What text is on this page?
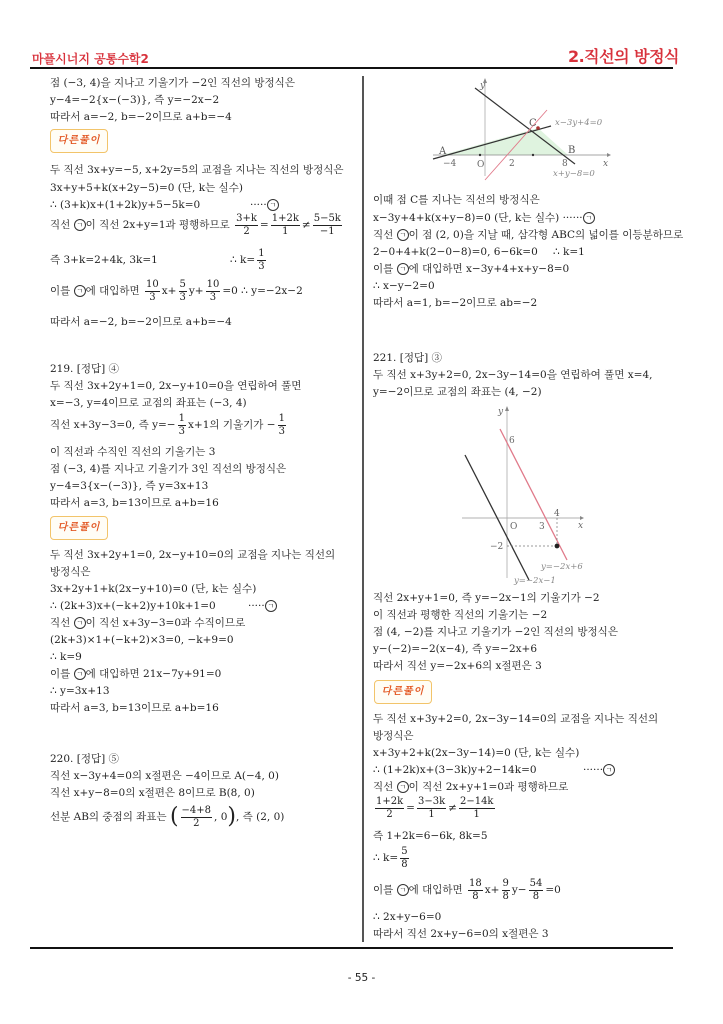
마플시너지 공통수학2	2.직선의 방정식
점 (−3, 4)을 지나고 기울기가 −2인 직선의 방정식은
y−4=−2{x−(−3)}, 즉 y=−2x−2
따라서 a=−2, b=−2이므로 a+b=−4
다른풀이
두 직선 3x+y=−5, x+2y=5의 교점을 지나는 직선의 방정식은
3x+y+5+k(x+2y−5)=0 (단, k는 실수)
∴ (3+k)x+(1+2k)y+5−5k=0	····· ㄱ
직선 ㄱ 이 직선 2x+y=1과 평행하므로 $\frac{3+k}{2} = \frac{1+2k}{1} \ne \frac{5-5k}{-1}$
즉 3+k=2+4k, 3k=1	∴ $k= \frac{1}{3}$
이를 ㄱ 에 대입하면 $\frac{10}{3} x+ \frac{5}{3} y+ \frac{10}{3} =0$ ∴ y=−2x−2
따라서 a=−2, b=−2이므로 a+b=−4
219. [정답] ④
두 직선 3x+2y+1=0, 2x−y+10=0을 연립하여 풀면
x=−3, y=4이므로 교점의 좌표는 (−3, 4)
직선 x+3y−3=0, 즉 $y=- \frac{1}{3} x+1$의 기울기가 − $\frac{1}{3}$
이 직선과 수직인 직선의 기울기는 3
점 (−3, 4)를 지나고 기울기가 3인 직선의 방정식은
y−4=3{x−(−3)}, 즉 y=3x+13
따라서 a=3, b=13이므로 a+b=16
다른풀이
두 직선 3x+2y+1=0, 2x−y+10=0의 교점을 지나는 직선의
방정식은
3x+2y+1+k(2x−y+10)=0 (단, k는 실수)
∴ (2k+3)x+(−k+2)y+10k+1=0	····· ㄱ
직선 ㄱ 이 직선 x+3y−3=0과 수직이므로
(2k+3)×1+(−k+2)×3=0, −k+9=0
∴ k=9
이를 ㄱ 에 대입하면 21x−7y+91=0
∴ y=3x+13
따라서 a=3, b=13이므로 a+b=16
220. [정답] ⑤
직선 x−3y+4=0의 x절편은 −4이므로 A(−4, 0)
직선 x+y−8=0의 x절편은 8이므로 B(8, 0)
선분 AB의 중점의 좌표는 ( $\frac{-4+8}{2}$ , 0), 즉 (2, 0)
y
x
A	B
C
−4 O	2	8
x−3y+4=0
x+y−8=0
이때 점 C를 지나는 직선의 방정식은
x−3y+4+k(x+y−8)=0 (단, k는 실수) ······ ㄱ
직선 ㄱ 이 점 (2, 0)을 지날 때, 삼각형 ABC의 넓이를 이등분하므로
2−0+4+k(2−0−8)=0, 6−6k=0 ∴ k=1
이를 ㄱ 에 대입하면 x−3y+4+x+y−8=0
∴ x−y−2=0
따라서 a=1, b=−2이므로 ab=−2
221. [정답] ③
두 직선 x+3y+2=0, 2x−3y−14=0을 연립하여 풀면 x=4,
y=−2이므로 교점의 좌표는 (4, −2)
y
x
6
O 3
4
−2
y=−2x+6
y=−2x−1
직선 2x+y+1=0, 즉 y=−2x−1의 기울기가 −2
이 직선과 평행한 직선의 기울기는 −2
점 (4, −2)를 지나고 기울기가 −2인 직선의 방정식은
y−(−2)=−2(x−4), 즉 y=−2x+6
따라서 직선 y=−2x+6의 x절편은 3
다른풀이
두 직선 x+3y+2=0, 2x−3y−14=0의 교점을 지나는 직선의
방정식은
x+3y+2+k(2x−3y−14)=0 (단, k는 실수)
∴ (1+2k)x+(3−3k)y+2−14k=0	······ ㄱ
직선 ㄱ 이 직선 2x+y+1=0과 평행하므로
$\frac{1+2k}{2} = \frac{3-3k}{1} \ne \frac{2-14k}{1}$
즉 1+2k=6−6k, 8k=5
∴ $k= \frac{5}{8}$
이를 ㄱ 에 대입하면 $\frac{18}{8} x+ \frac{9}{8} y- \frac{54}{8} =0$
∴ 2x+y−6=0
따라서 직선 2x+y−6=0의 x절편은 3
- 55 -
